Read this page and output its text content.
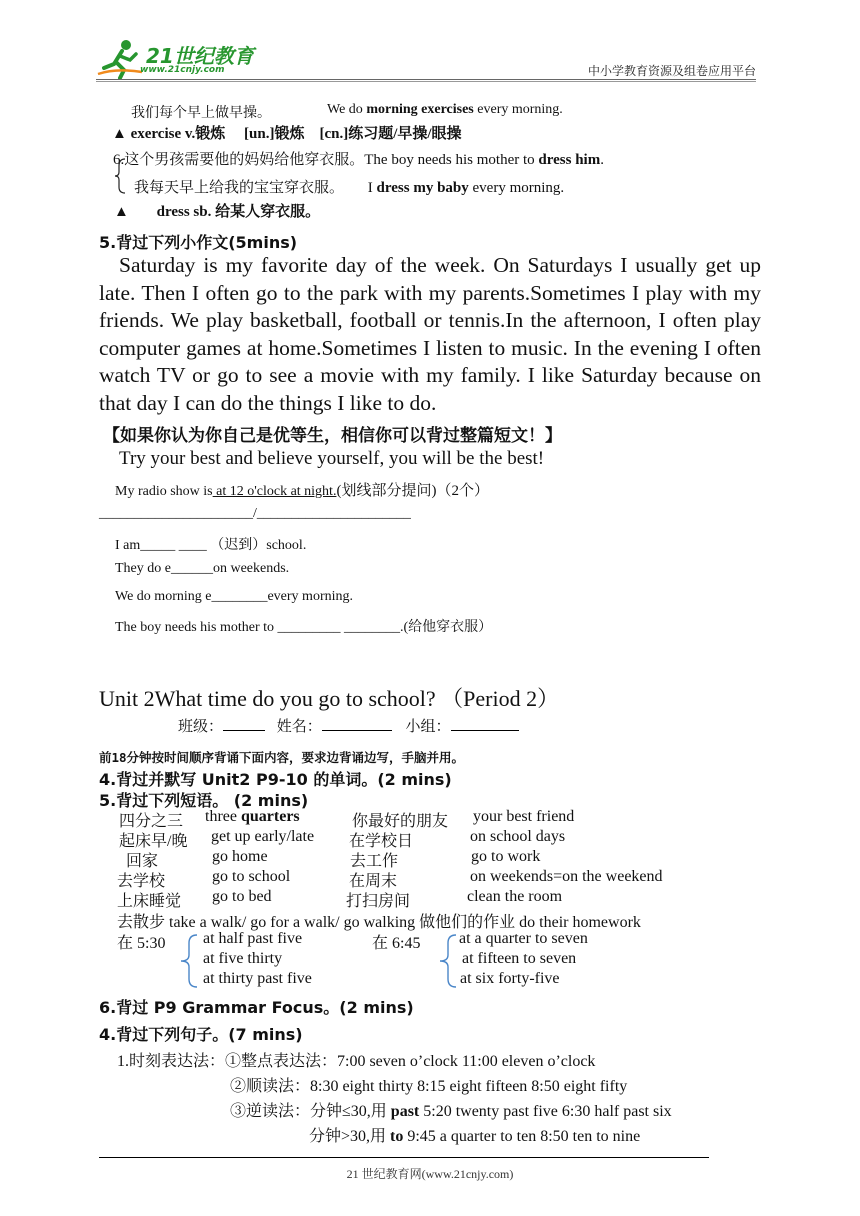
21世纪教育
www.21cnjy.com	中小学教育资源及组卷应用平台
我们每个早上做早操。	We do morning exercises every morning.
▲ exercise v.锻炼　 [un.]锻炼　[cn.]练习题/早操/眼操
6.这个男孩需要他的妈妈给他穿衣服。The boy needs his mother to dress him.
我每天早上给我的宝宝穿衣服。 I dress my baby every morning.
▲ dress sb. 给某人穿衣服。
5.背过下列小作文(5mins)
Saturday is my favorite day of the week. On Saturdays I usually get up late. Then I often go to the park with my parents.Sometimes I play with my friends. We play basketball, football or tennis.In the afternoon, I often play computer games at home.Sometimes I listen to music. In the evening I often watch TV or go to see a movie with my family. I like Saturday because on that day I can do the things I like to do.
【如果你认为你自己是优等生，相信你可以背过整篇短文！】
Try your best and believe yourself, you will be the best!
My radio show is at 12 o'clock at night.(划线部分提问)（2个）
______________________/______________________
I am_____ ____ （迟到）school.
They do e______on weekends.
We do morning e________every morning.
The boy needs his mother to _________ ________.(给他穿衣服）
Unit 2What time do you go to school? （Period 2）
班级：	姓名：	小组：
前18分钟按时间顺序背诵下面内容，要求边背诵边写，手脑并用。
4.背过并默写 Unit2 P9-10 的单词。(2 mins)
5.背过下列短语。 (2 mins)
四分之三 three quarters	你最好的朋友 your best friend
起床早/晚 get up early/late 在学校日	on school days
回家	go home	去工作	go to work
去学校	go to school	在周末	on weekends=on the weekend
上床睡觉 go to bed	打扫房间	clean the room
去散步 take a walk/ go for a walk/ go walking 做他们的作业 do their homework
在 5:30 at half past five
at five thirty
at thirty past five
在 6:45 at a quarter to seven
at fifteen to seven
at six forty-five
6.背过 P9 Grammar Focus。(2 mins)
4.背过下列句子。(7 mins)
1.时刻表达法：①整点表达法：7:00 seven o’clock 11:00 eleven o’clock
②顺读法：8:30 eight thirty 8:15 eight fifteen 8:50 eight fifty
③逆读法：分钟≤30,用 past 5:20 twenty past five 6:30 half past six
分钟>30,用 to 9:45 a quarter to ten 8:50 ten to nine
21 世纪教育网(www.21cnjy.com)
